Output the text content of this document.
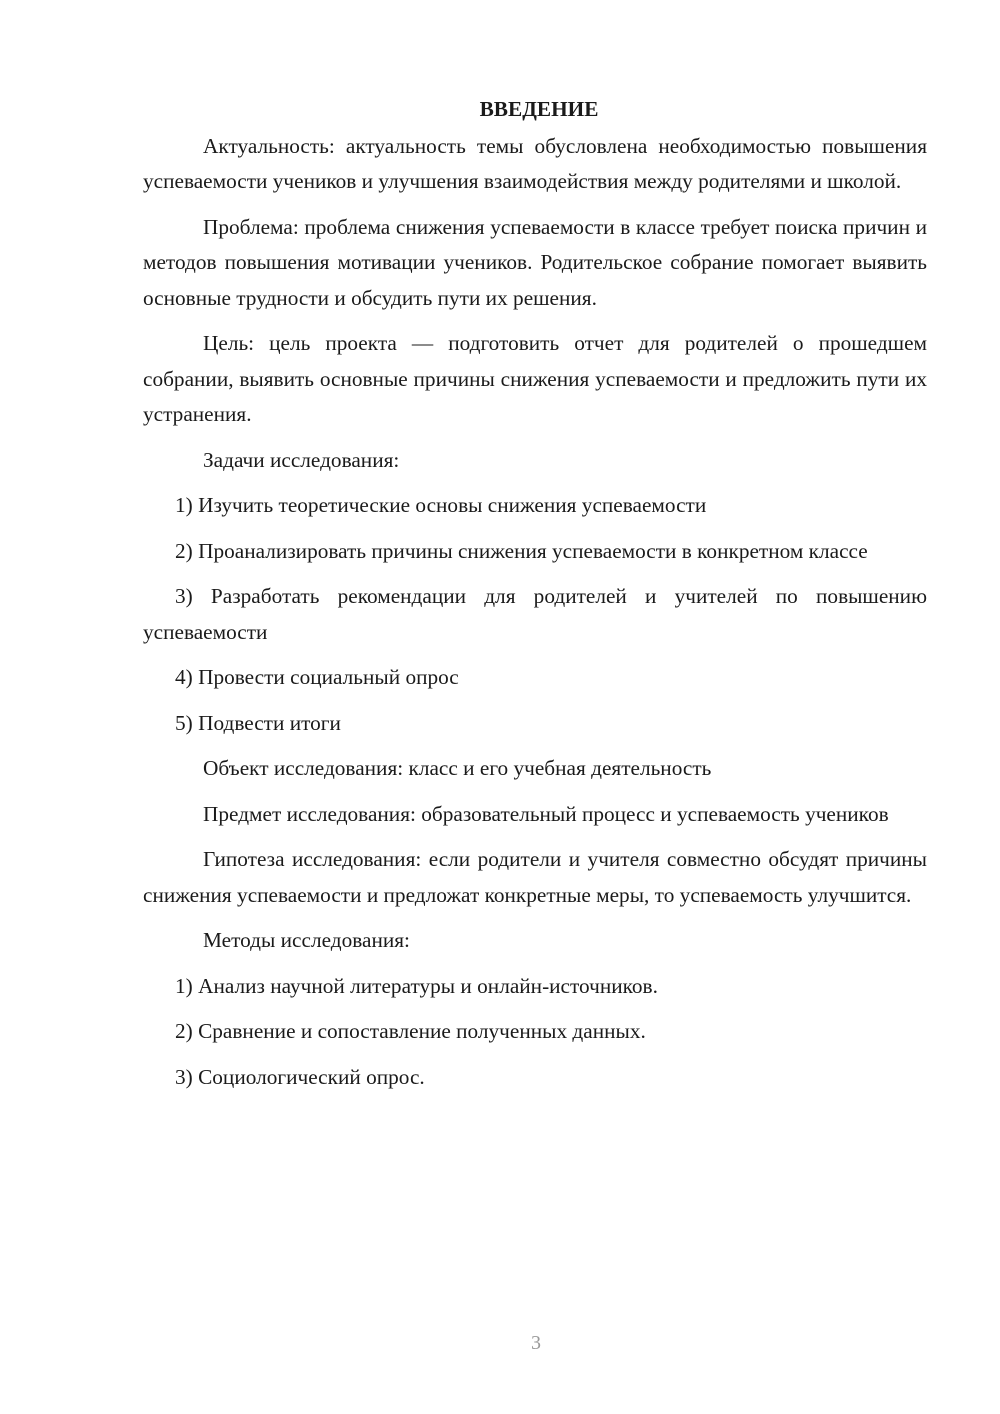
ВВЕДЕНИЕ

Актуальность: актуальность темы обусловлена необходимостью повышения успеваемости учеников и улучшения взаимодействия между родителями и школой.

Проблема: проблема снижения успеваемости в классе требует поиска причин и методов повышения мотивации учеников. Родительское собрание помогает выявить основные трудности и обсудить пути их решения.

Цель: цель проекта — подготовить отчет для родителей о прошедшем собрании, выявить основные причины снижения успеваемости и предложить пути их устранения.

Задачи исследования:

1) Изучить теоретические основы снижения успеваемости

2) Проанализировать причины снижения успеваемости в конкретном классе

3) Разработать рекомендации для родителей и учителей по повышению успеваемости

4) Провести социальный опрос

5) Подвести итоги

Объект исследования: класс и его учебная деятельность

Предмет исследования: образовательный процесс и успеваемость учеников

Гипотеза исследования: если родители и учителя совместно обсудят причины снижения успеваемости и предложат конкретные меры, то успеваемость улучшится.

Методы исследования:

1) Анализ научной литературы и онлайн-источников.

2) Сравнение и сопоставление полученных данных.

3) Социологический опрос.

3
